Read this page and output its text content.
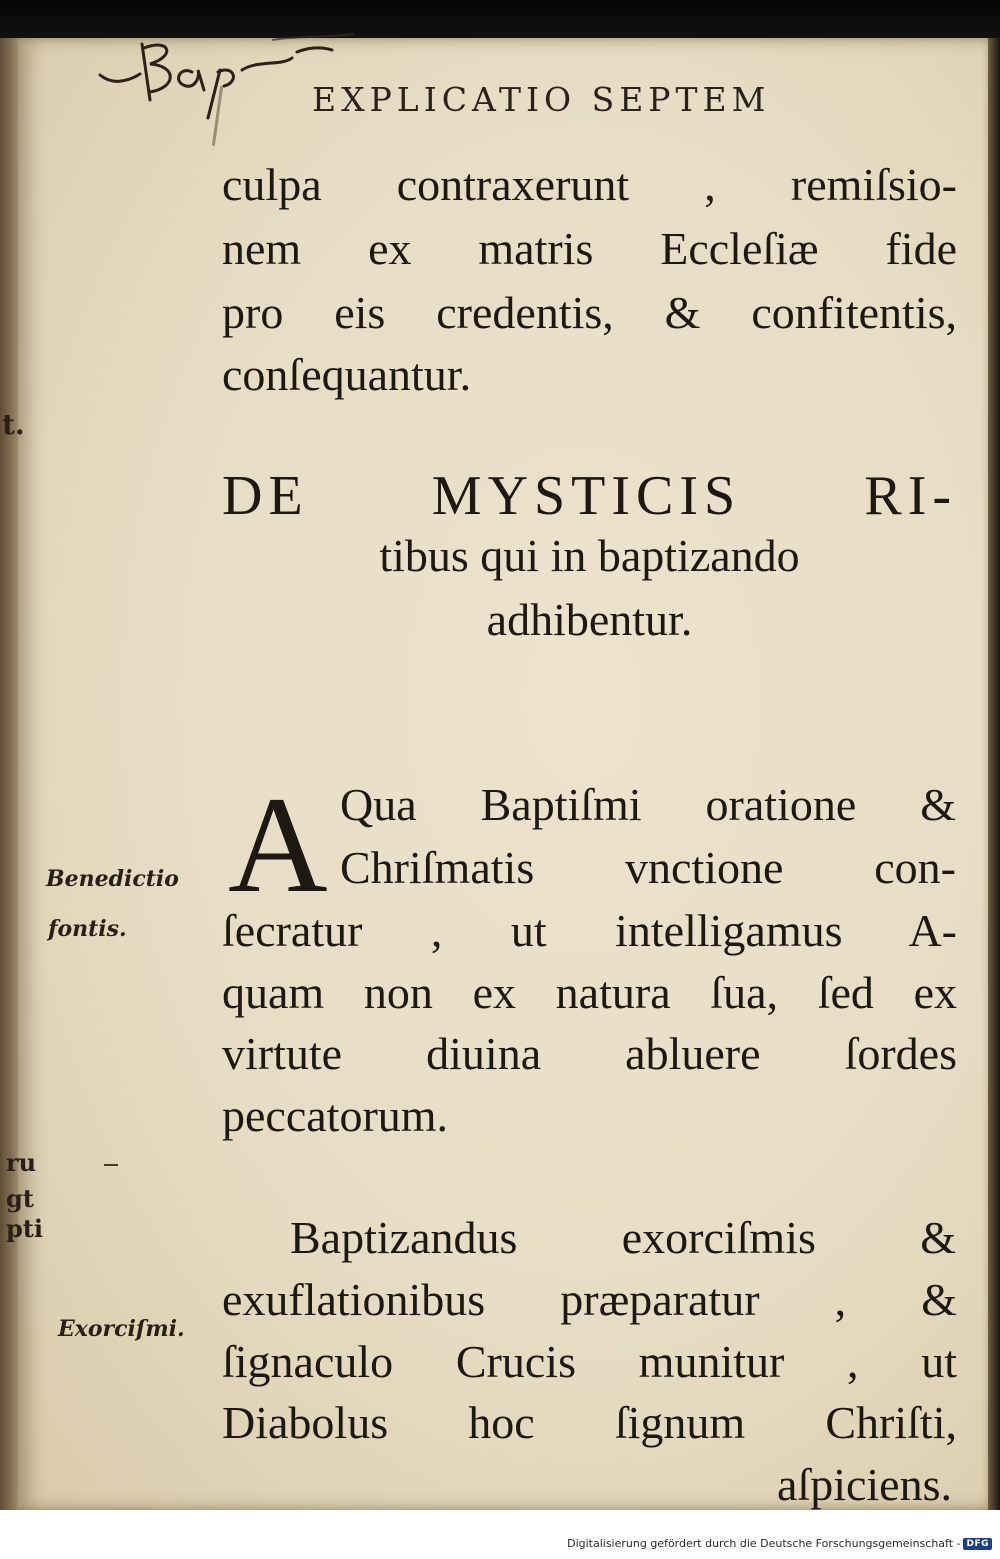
EXPLICATIO SEPTEM
culpa contraxerunt , remiſsio-
nem ex matris Eccleſiæ fide
pro eis credentis, & confitentis,
conſequantur.
DE MYSTICIS RI-
tibus qui in baptizando
adhibentur.
A Qua Baptiſmi oratione &
Chriſmatis vnctione con-
ſecratur , ut intelligamus A-
quam non ex natura ſua, ſed ex
virtute diuina abluere ſordes
peccatorum.
Baptizandus exorciſmis &
exuflationibus præparatur , &
ſignaculo Crucis munitur , ut
Diabolus hoc ſignum Chriſti,
aſpiciens.
Benedictio
fontis.
Exorciſmi.
t.
ru
gt
pti
Digitalisierung gefördert durch die Deutsche Forschungsgemeinschaft - DFG
